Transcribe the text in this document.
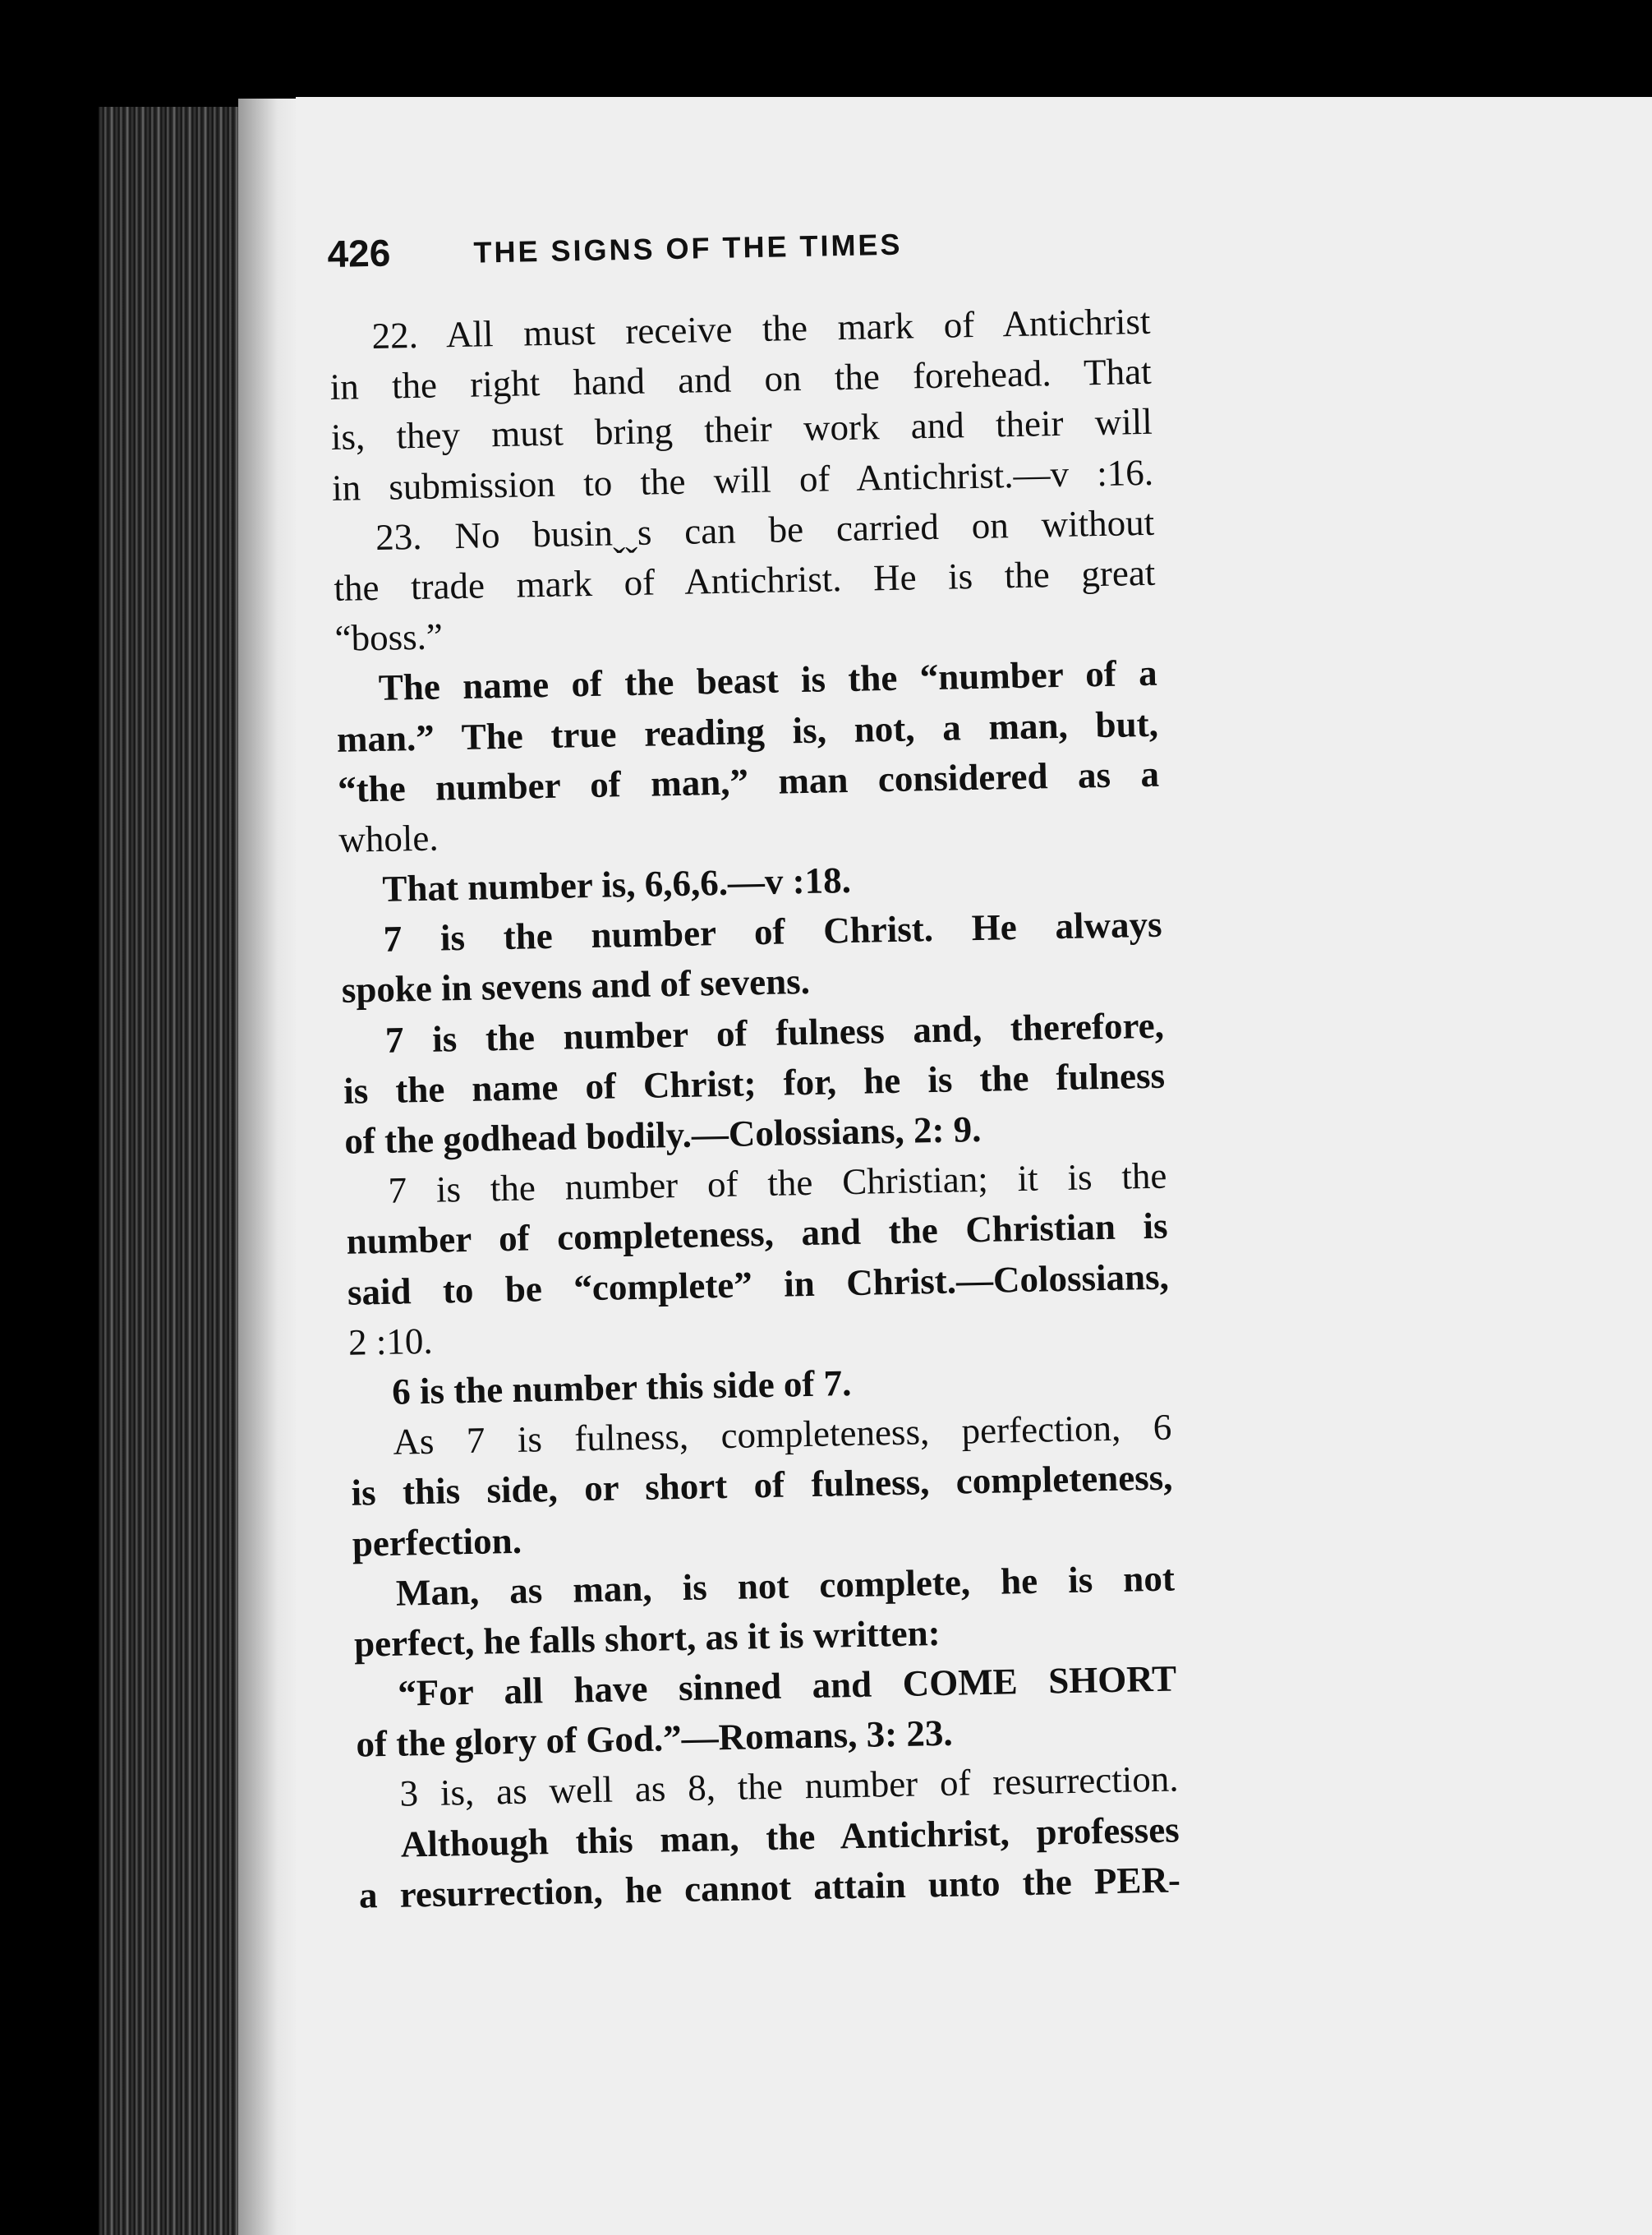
426	THE SIGNS OF THE TIMES
22. All must receive the mark of Antichrist
in the right hand and on the forehead. That
is, they must bring their work and their will
in submission to the will of Antichrist.—v :16.
23. No businˬˬs can be carried on without
the trade mark of Antichrist. He is the great
“boss.”
The name of the beast is the “number of a
man.” The true reading is, not, a man, but,
“the number of man,” man considered as a
whole.
That number is, 6,6,6.—v :18.
7 is the number of Christ. He always
spoke in sevens and of sevens.
7 is the number of fulness and, therefore,
is the name of Christ; for, he is the fulness
of the godhead bodily.—Colossians, 2: 9.
7 is the number of the Christian; it is the
number of completeness, and the Christian is
said to be “complete” in Christ.—Colossians,
2 :10.
6 is the number this side of 7.
As 7 is fulness, completeness, perfection, 6
is this side, or short of fulness, completeness,
perfection.
Man, as man, is not complete, he is not
perfect, he falls short, as it is written:
“For all have sinned and COME SHORT
of the glory of God.”—Romans, 3: 23.
3 is, as well as 8, the number of resurrection.
Although this man, the Antichrist, professes
a resurrection, he cannot attain unto the PER-
